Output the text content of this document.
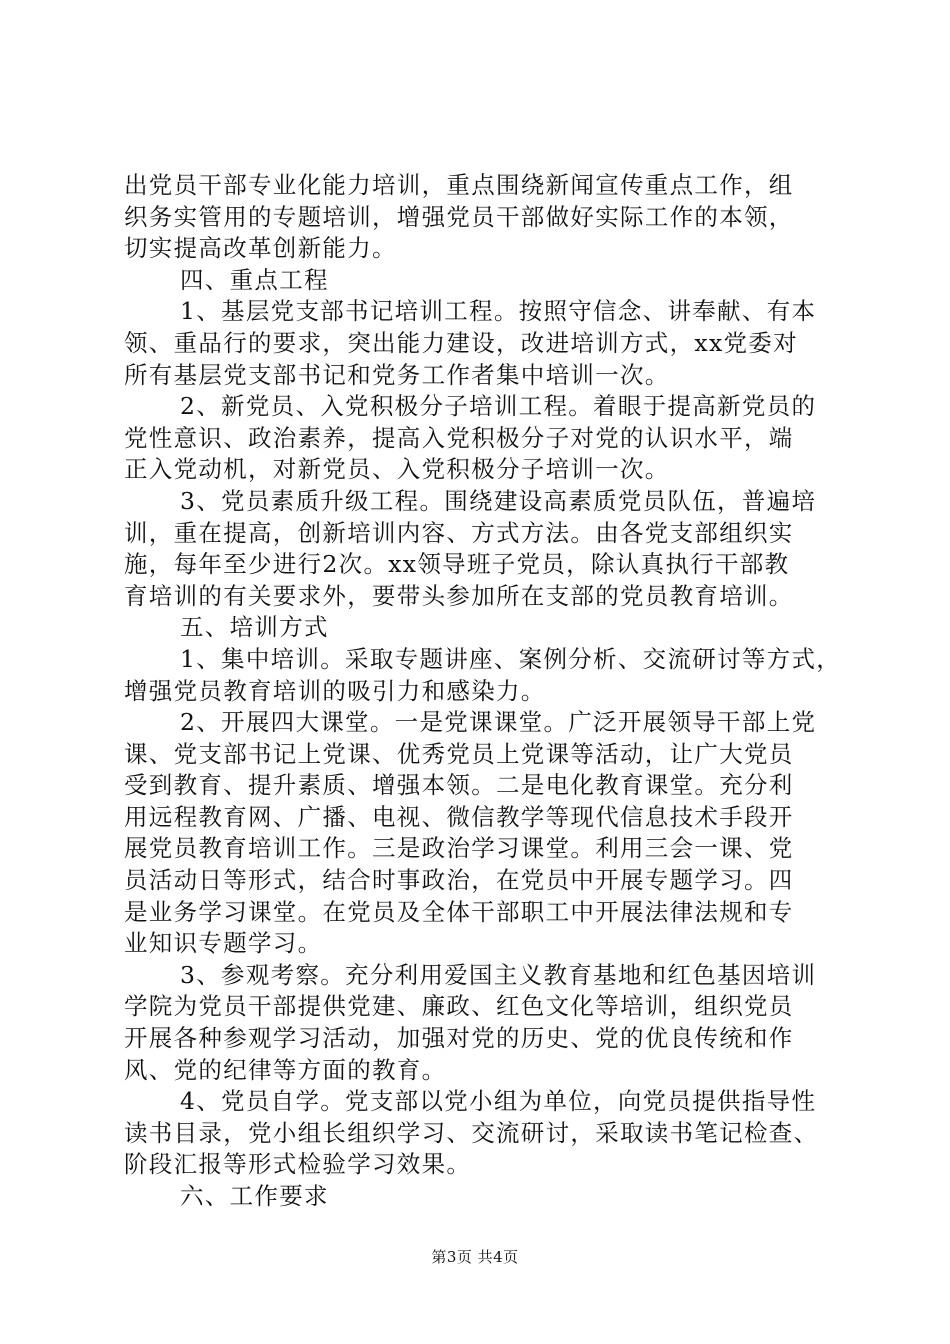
出党员干部专业化能力培训，重点围绕新闻宣传重点工作，组
织务实管用的专题培训，增强党员干部做好实际工作的本领，
切实提高改革创新能力。
四、重点工程
1、基层党支部书记培训工程。按照守信念、讲奉献、有本
领、重品行的要求，突出能力建设，改进培训方式，xx党委对
所有基层党支部书记和党务工作者集中培训一次。
2、新党员、入党积极分子培训工程。着眼于提高新党员的
党性意识、政治素养，提高入党积极分子对党的认识水平，端
正入党动机，对新党员、入党积极分子培训一次。
3、党员素质升级工程。围绕建设高素质党员队伍，普遍培
训，重在提高，创新培训内容、方式方法。由各党支部组织实
施，每年至少进行2次。xx领导班子党员，除认真执行干部教
育培训的有关要求外，要带头参加所在支部的党员教育培训。
五、培训方式
1、集中培训。采取专题讲座、案例分析、交流研讨等方式，
增强党员教育培训的吸引力和感染力。
2、开展四大课堂。一是党课课堂。广泛开展领导干部上党
课、党支部书记上党课、优秀党员上党课等活动，让广大党员
受到教育、提升素质、增强本领。二是电化教育课堂。充分利
用远程教育网、广播、电视、微信教学等现代信息技术手段开
展党员教育培训工作。三是政治学习课堂。利用三会一课、党
员活动日等形式，结合时事政治，在党员中开展专题学习。四
是业务学习课堂。在党员及全体干部职工中开展法律法规和专
业知识专题学习。
3、参观考察。充分利用爱国主义教育基地和红色基因培训
学院为党员干部提供党建、廉政、红色文化等培训，组织党员
开展各种参观学习活动，加强对党的历史、党的优良传统和作
风、党的纪律等方面的教育。
4、党员自学。党支部以党小组为单位，向党员提供指导性
读书目录，党小组长组织学习、交流研讨，采取读书笔记检查、
阶段汇报等形式检验学习效果。
六、工作要求
第3页 共4页
